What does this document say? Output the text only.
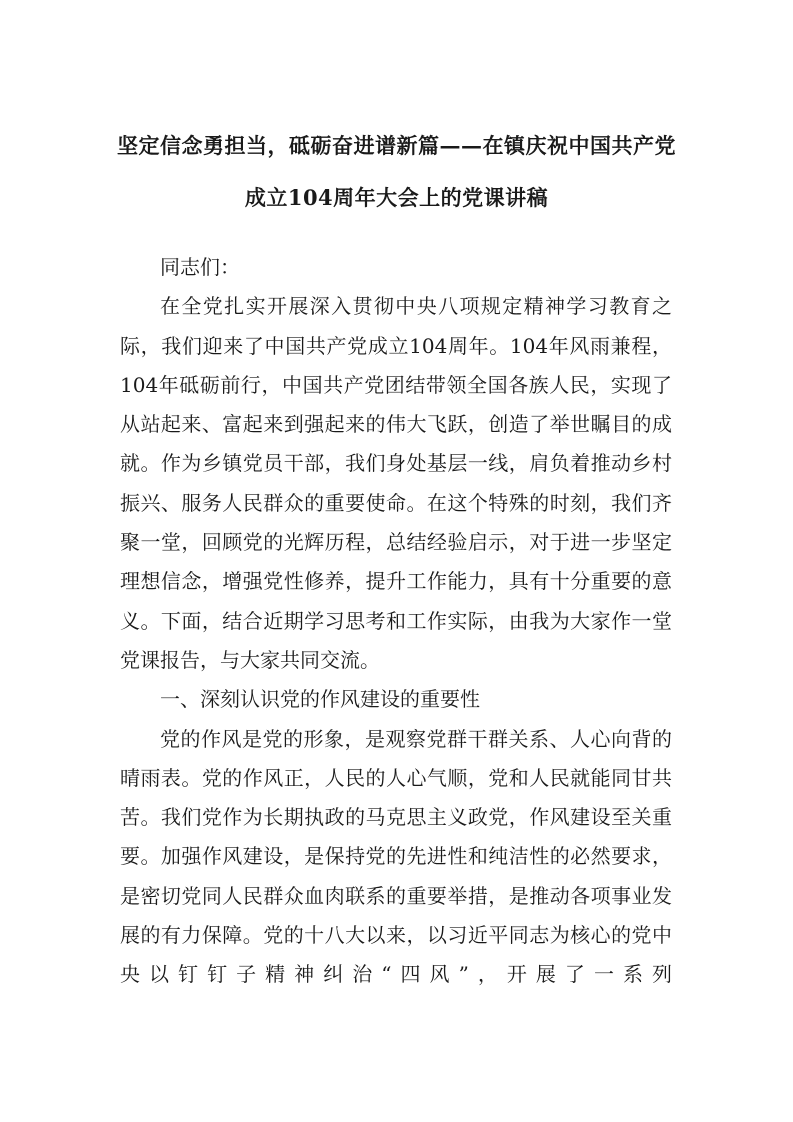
坚定信念勇担当，砥砺奋进谱新篇——在镇庆祝中国共产党
成立104周年大会上的党课讲稿

同志们：

在全党扎实开展深入贯彻中央八项规定精神学习教育之际，我们迎来了中国共产党成立104周年。104年风雨兼程，104年砥砺前行，中国共产党团结带领全国各族人民，实现了从站起来、富起来到强起来的伟大飞跃，创造了举世瞩目的成就。作为乡镇党员干部，我们身处基层一线，肩负着推动乡村振兴、服务人民群众的重要使命。在这个特殊的时刻，我们齐聚一堂，回顾党的光辉历程，总结经验启示，对于进一步坚定理想信念，增强党性修养，提升工作能力，具有十分重要的意义。下面，结合近期学习思考和工作实际，由我为大家作一堂党课报告，与大家共同交流。

一、深刻认识党的作风建设的重要性

党的作风是党的形象，是观察党群干群关系、人心向背的晴雨表。党的作风正，人民的人心气顺，党和人民就能同甘共苦。我们党作为长期执政的马克思主义政党，作风建设至关重要。加强作风建设，是保持党的先进性和纯洁性的必然要求，是密切党同人民群众血肉联系的重要举措，是推动各项事业发展的有力保障。党的十八大以来，以习近平同志为核心的党中央以钉钉子精神纠治“四风”，开展了一系列
